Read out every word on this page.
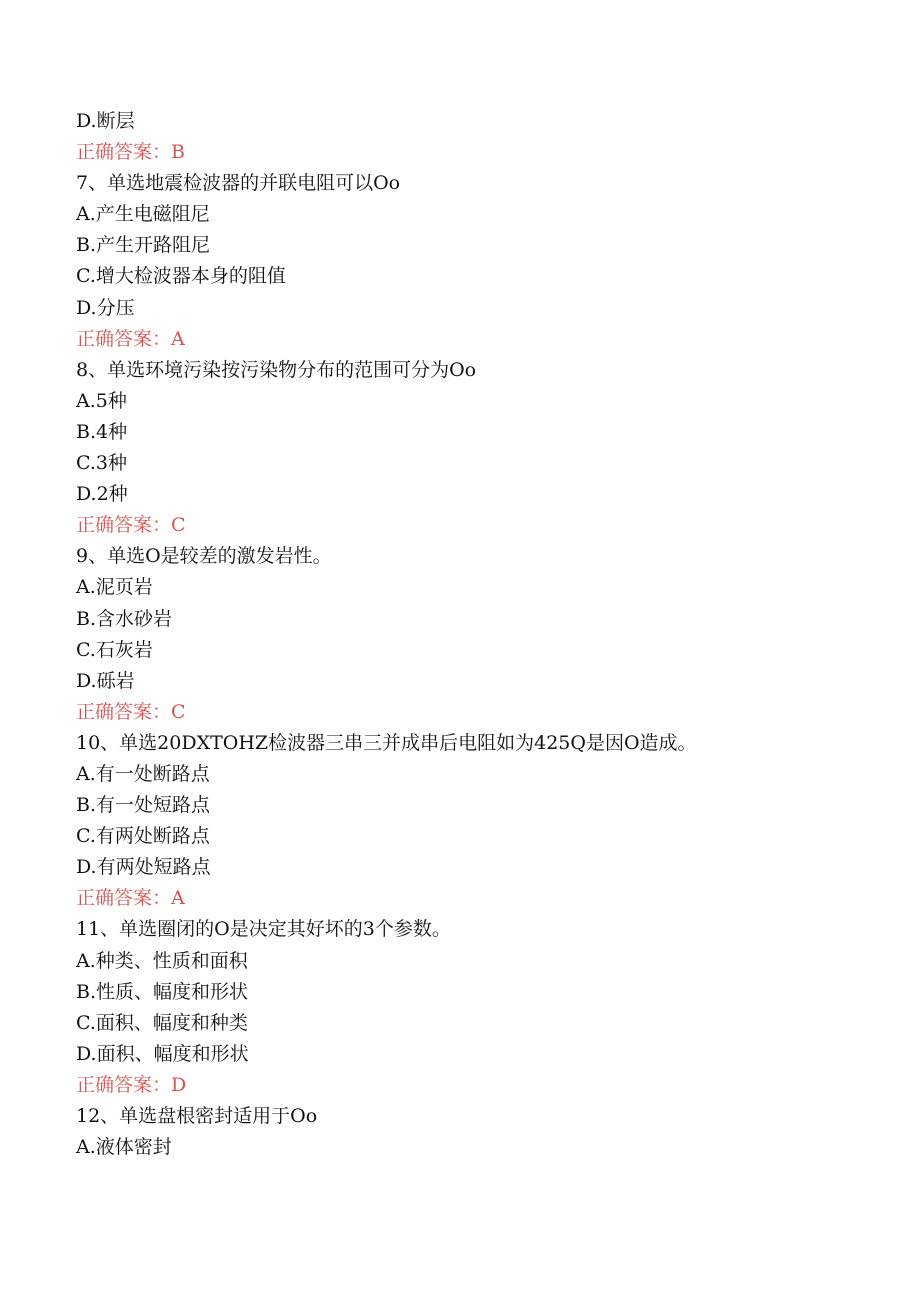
D.断层
正确答案：B
7、单选地震检波器的并联电阻可以Oo
A.产生电磁阻尼
B.产生开路阻尼
C.增大检波器本身的阻值
D.分压
正确答案：A
8、单选环境污染按污染物分布的范围可分为Oo
A.5种
B.4种
C.3种
D.2种
正确答案：C
9、单选O是较差的激发岩性。
A.泥页岩
B.含水砂岩
C.石灰岩
D.砾岩
正确答案：C
10、单选20DXTOHZ检波器三串三并成串后电阻如为425Q是因O造成。
A.有一处断路点
B.有一处短路点
C.有两处断路点
D.有两处短路点
正确答案：A
11、单选圈闭的O是决定其好坏的3个参数。
A.种类、性质和面积
B.性质、幅度和形状
C.面积、幅度和种类
D.面积、幅度和形状
正确答案：D
12、单选盘根密封适用于Oo
A.液体密封
